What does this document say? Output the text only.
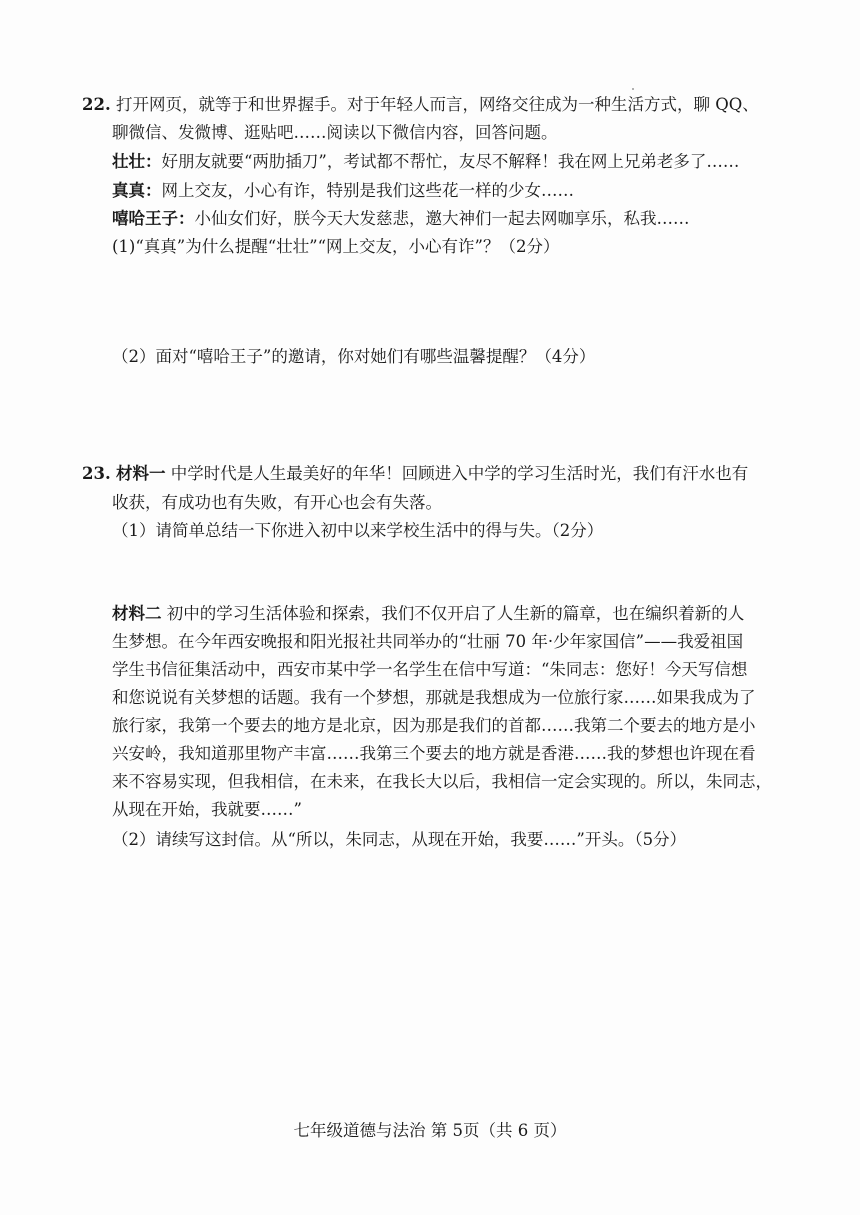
22. 打开网页，就等于和世界握手。对于年轻人而言，网络交往成为一种生活方式，聊 QQ、
聊微信、发微博、逛贴吧……阅读以下微信内容，回答问题。
壮壮：好朋友就要“两肋插刀”，考试都不帮忙，友尽不解释！我在网上兄弟老多了……
真真：网上交友，小心有诈，特别是我们这些花一样的少女……
嘻哈王子：小仙女们好，朕今天大发慈悲，邀大神们一起去网咖享乐，私我……
(1)“真真”为什么提醒“壮壮”“网上交友，小心有诈”？（2分）
（2）面对“嘻哈王子”的邀请，你对她们有哪些温馨提醒？（4分）
23. 材料一 中学时代是人生最美好的年华！回顾进入中学的学习生活时光，我们有汗水也有
收获，有成功也有失败，有开心也会有失落。
（1）请简单总结一下你进入初中以来学校生活中的得与失。（2分）
材料二 初中的学习生活体验和探索，我们不仅开启了人生新的篇章，也在编织着新的人
生梦想。在今年西安晚报和阳光报社共同举办的“壮丽 70 年·少年家国信”——我爱祖国
学生书信征集活动中，西安市某中学一名学生在信中写道：“朱同志：您好！今天写信想
和您说说有关梦想的话题。我有一个梦想，那就是我想成为一位旅行家……如果我成为了
旅行家，我第一个要去的地方是北京，因为那是我们的首都……我第二个要去的地方是小
兴安岭，我知道那里物产丰富……我第三个要去的地方就是香港……我的梦想也许现在看
来不容易实现，但我相信，在未来，在我长大以后，我相信一定会实现的。所以，朱同志，
从现在开始，我就要……”
（2）请续写这封信。从“所以，朱同志，从现在开始，我要……”开头。（5分）
七年级道德与法治 第 5页（共 6 页）
